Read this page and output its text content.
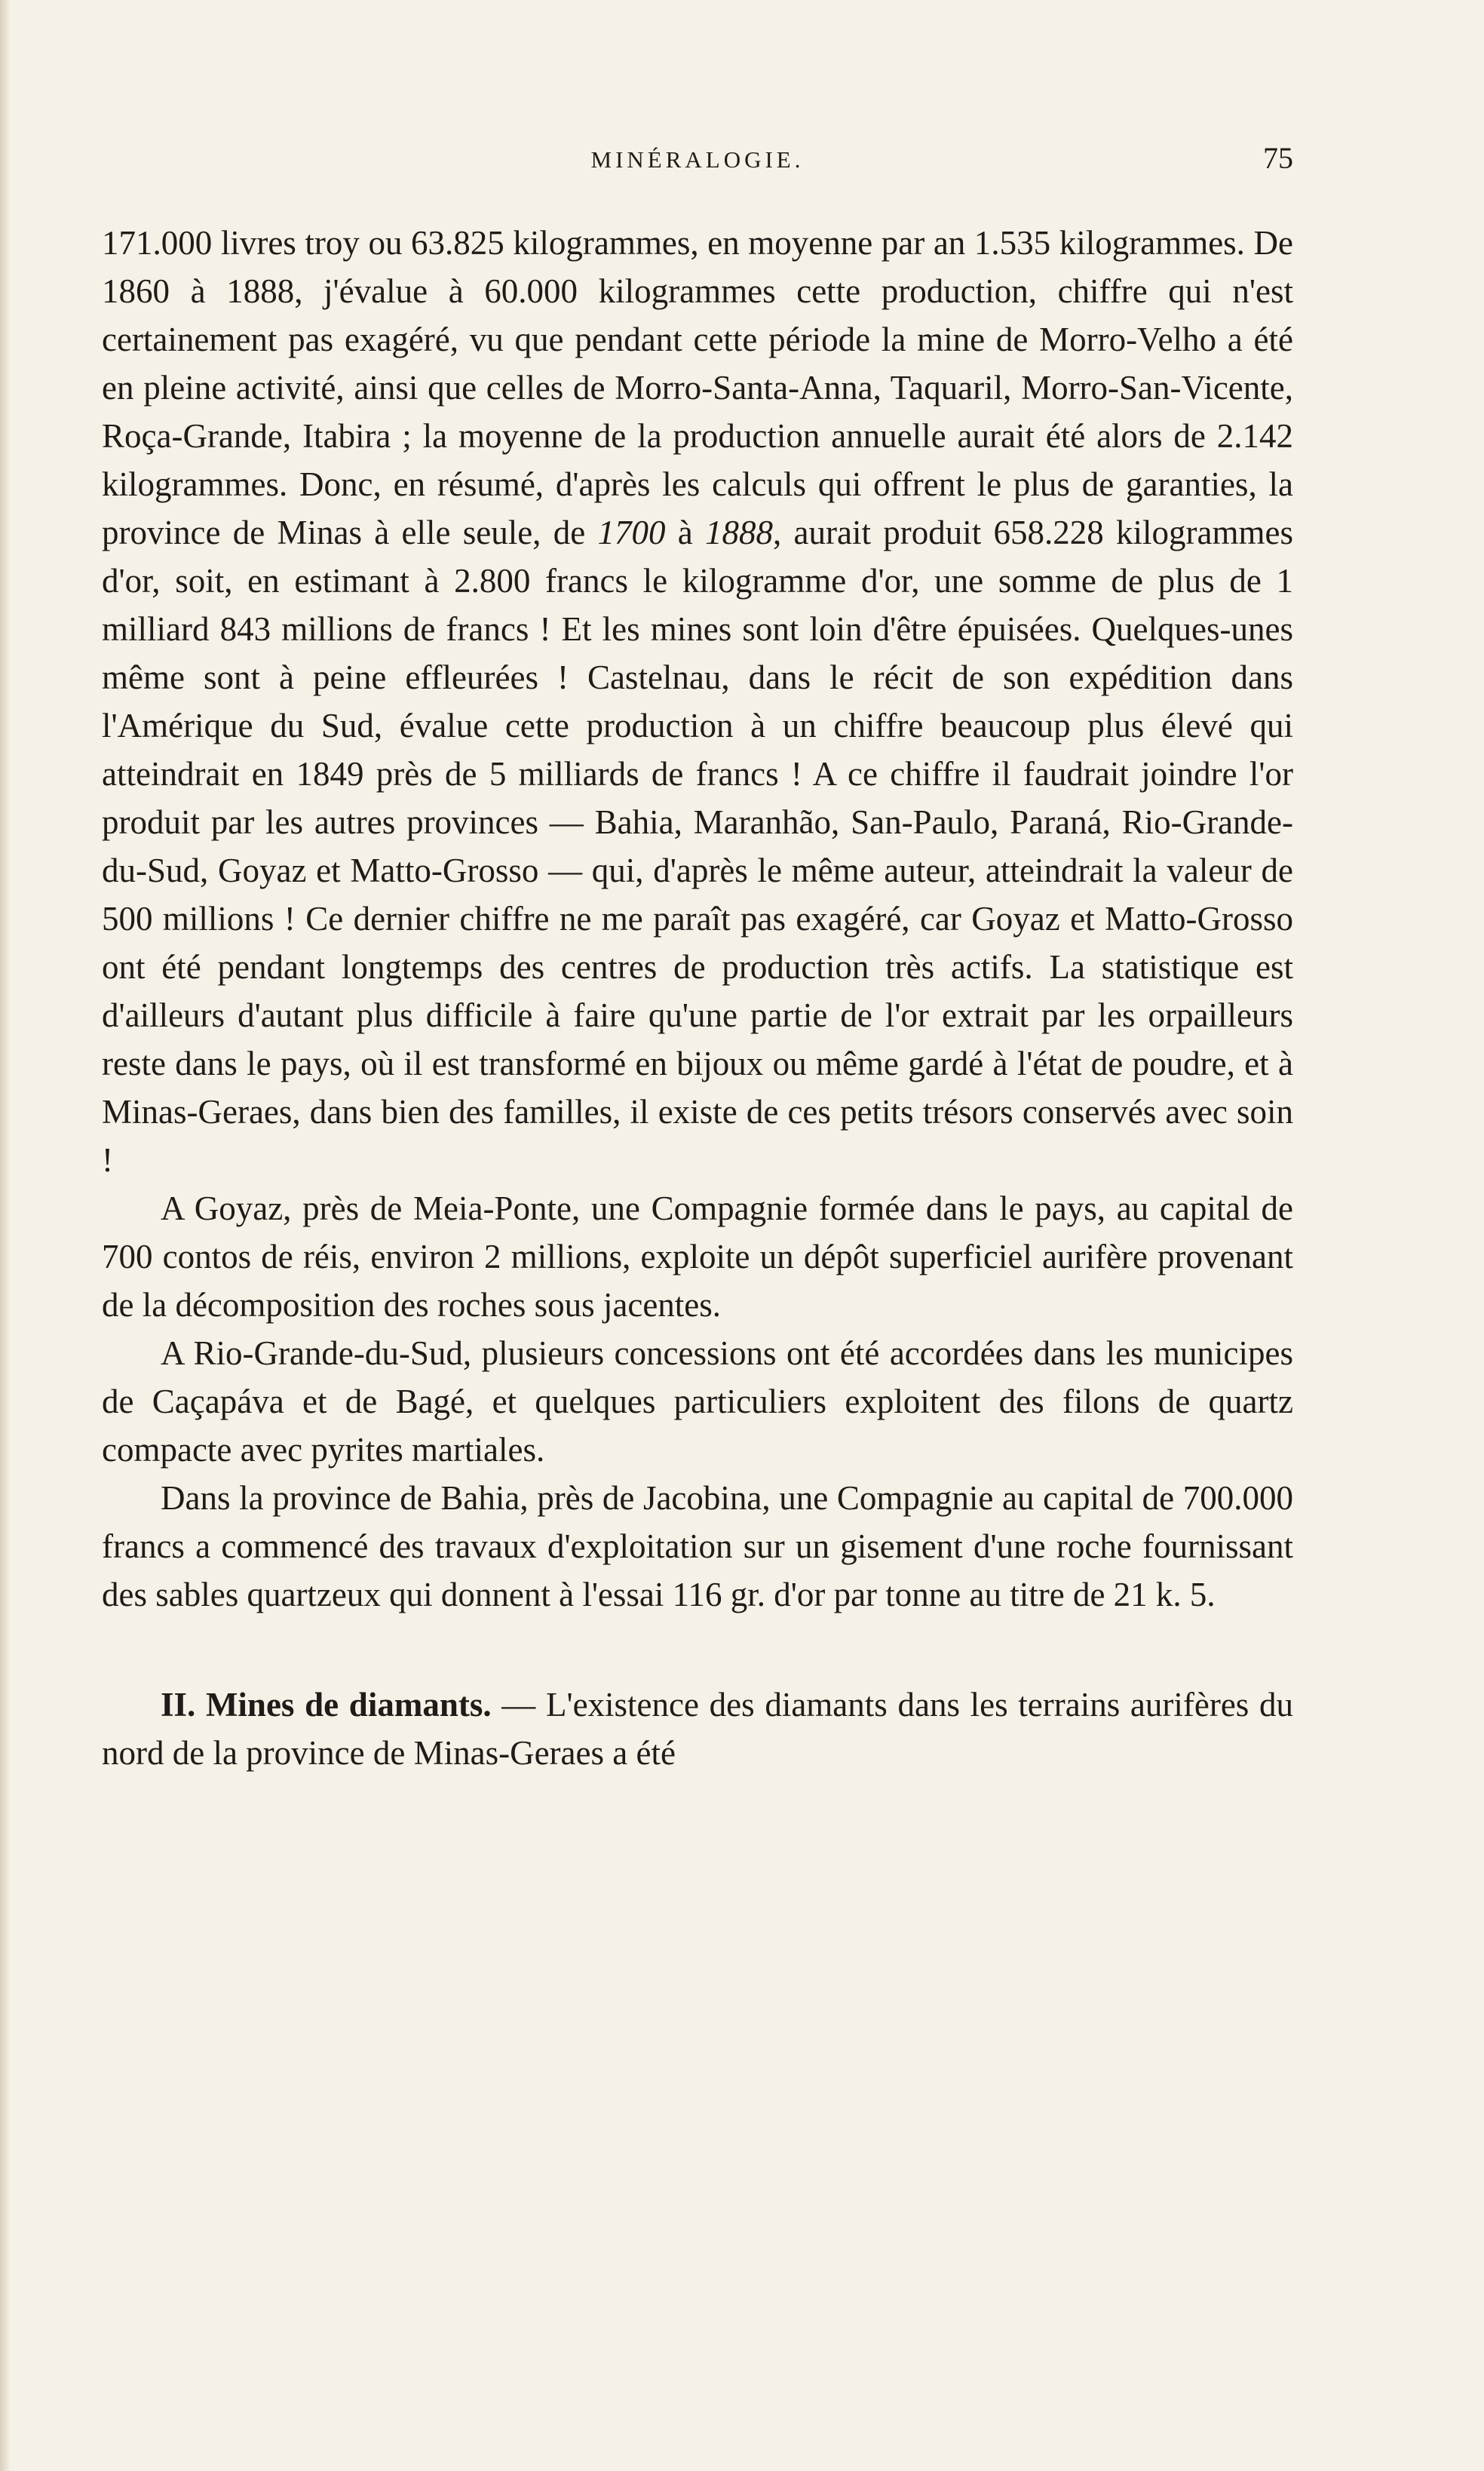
MINÉRALOGIE.	75

171.000 livres troy ou 63.825 kilogrammes, en moyenne par an 1.535 kilogrammes. De 1860 à 1888, j'évalue à 60.000 kilogrammes cette production, chiffre qui n'est certainement pas exagéré, vu que pendant cette période la mine de Morro-Velho a été en pleine activité, ainsi que celles de Morro-Santa-Anna, Taquaril, Morro-San-Vicente, Roça-Grande, Itabira ; la moyenne de la production annuelle aurait été alors de 2.142 kilogrammes. Donc, en résumé, d'après les calculs qui offrent le plus de garanties, la province de Minas à elle seule, de 1700 à 1888, aurait produit 658.228 kilogrammes d'or, soit, en estimant à 2.800 francs le kilogramme d'or, une somme de plus de 1 milliard 843 millions de francs ! Et les mines sont loin d'être épuisées. Quelques-unes même sont à peine effleurées ! Castelnau, dans le récit de son expédition dans l'Amérique du Sud, évalue cette production à un chiffre beaucoup plus élevé qui atteindrait en 1849 près de 5 milliards de francs ! A ce chiffre il faudrait joindre l'or produit par les autres provinces — Bahia, Maranhão, San-Paulo, Paraná, Rio-Grande-du-Sud, Goyaz et Matto-Grosso — qui, d'après le même auteur, atteindrait la valeur de 500 millions ! Ce dernier chiffre ne me paraît pas exagéré, car Goyaz et Matto-Grosso ont été pendant longtemps des centres de production très actifs. La statistique est d'ailleurs d'autant plus difficile à faire qu'une partie de l'or extrait par les orpailleurs reste dans le pays, où il est transformé en bijoux ou même gardé à l'état de poudre, et à Minas-Geraes, dans bien des familles, il existe de ces petits trésors conservés avec soin !

A Goyaz, près de Meia-Ponte, une Compagnie formée dans le pays, au capital de 700 contos de réis, environ 2 millions, exploite un dépôt superficiel aurifère provenant de la décomposition des roches sous jacentes.

A Rio-Grande-du-Sud, plusieurs concessions ont été accordées dans les municipes de Caçapáva et de Bagé, et quelques particuliers exploitent des filons de quartz compacte avec pyrites martiales.

Dans la province de Bahia, près de Jacobina, une Compagnie au capital de 700.000 francs a commencé des travaux d'exploitation sur un gisement d'une roche fournissant des sables quartzeux qui donnent à l'essai 116 gr. d'or par tonne au titre de 21 k. 5.

II. Mines de diamants. — L'existence des diamants dans les terrains aurifères du nord de la province de Minas-Geraes a été
